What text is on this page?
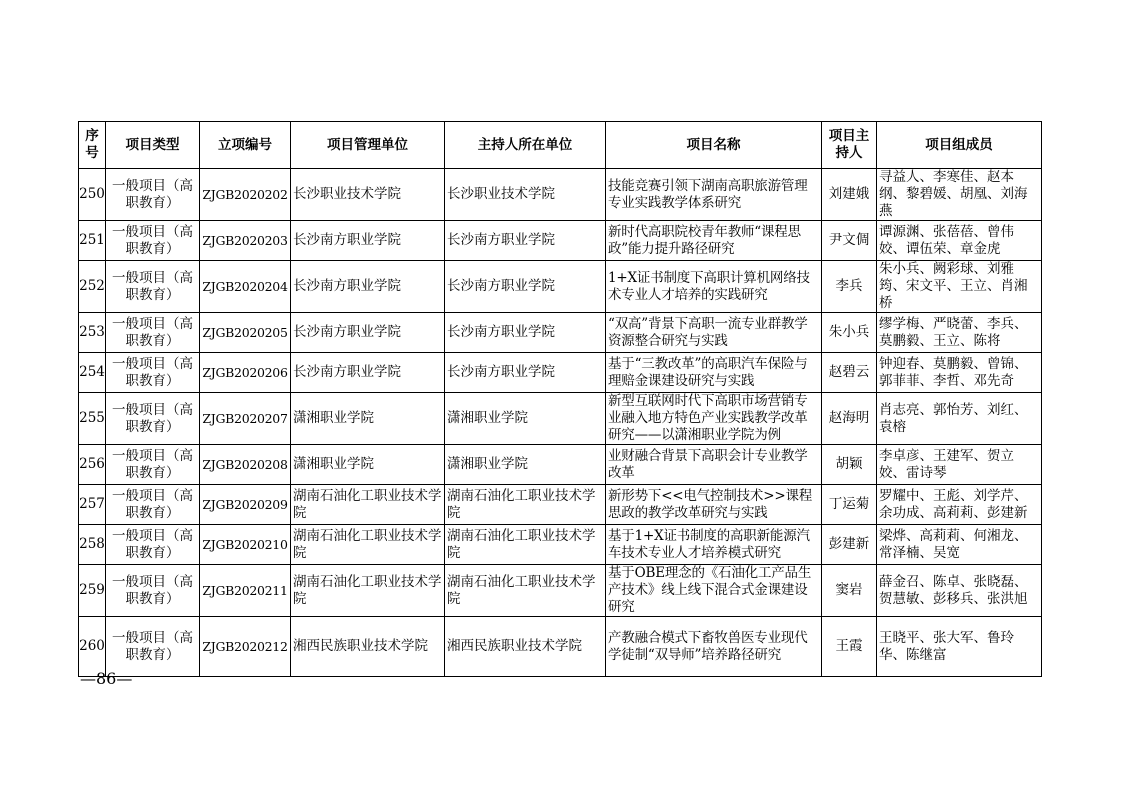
序号	项目类型	立项编号	项目管理单位	主持人所在单位	项目名称	项目主持人	项目组成员
250	一般项目（高职教育）	ZJGB2020202	长沙职业技术学院	长沙职业技术学院	技能竞赛引领下湖南高职旅游管理专业实践教学体系研究	刘建娥	寻益人、李寒佳、赵本纲、黎碧媛、胡凰、刘海燕
251	一般项目（高职教育）	ZJGB2020203	长沙南方职业学院	长沙南方职业学院	新时代高职院校青年教师“课程思政”能力提升路径研究	尹文倜	谭源渊、张蓓蓓、曾伟姣、谭伍荣、章金虎
252	一般项目（高职教育）	ZJGB2020204	长沙南方职业学院	长沙南方职业学院	1+X证书制度下高职计算机网络技术专业人才培养的实践研究	李兵	朱小兵、阙彩球、刘雅筠、宋文平、王立、肖湘桥
253	一般项目（高职教育）	ZJGB2020205	长沙南方职业学院	长沙南方职业学院	“双高”背景下高职一流专业群教学资源整合研究与实践	朱小兵	缪学梅、严晓蕾、李兵、莫鹏毅、王立、陈将
254	一般项目（高职教育）	ZJGB2020206	长沙南方职业学院	长沙南方职业学院	基于“三教改革”的高职汽车保险与理赔金课建设研究与实践	赵碧云	钟迎春、莫鹏毅、曾锦、郭菲菲、李哲、邓先奇
255	一般项目（高职教育）	ZJGB2020207	潇湘职业学院	潇湘职业学院	新型互联网时代下高职市场营销专业融入地方特色产业实践教学改革研究——以潇湘职业学院为例	赵海明	肖志亮、郭怡芳、刘红、袁榕
256	一般项目（高职教育）	ZJGB2020208	潇湘职业学院	潇湘职业学院	业财融合背景下高职会计专业教学改革	胡颖	李卓彦、王建军、贺立姣、雷诗琴
257	一般项目（高职教育）	ZJGB2020209	湖南石油化工职业技术学院	湖南石油化工职业技术学院	新形势下<<电气控制技术>>课程思政的教学改革研究与实践	丁运菊	罗耀中、王彪、刘学芹、余功成、高莉莉、彭建新
258	一般项目（高职教育）	ZJGB2020210	湖南石油化工职业技术学院	湖南石油化工职业技术学院	基于1+X证书制度的高职新能源汽车技术专业人才培养模式研究	彭建新	梁烨、高莉莉、何湘龙、常泽楠、吴宽
259	一般项目（高职教育）	ZJGB2020211	湖南石油化工职业技术学院	湖南石油化工职业技术学院	基于OBE理念的《石油化工产品生产技术》线上线下混合式金课建设研究	窦岩	薛金召、陈卓、张晓磊、贺慧敏、彭移兵、张洪旭
260	一般项目（高职教育）	ZJGB2020212	湘西民族职业技术学院	湘西民族职业技术学院	产教融合模式下畜牧兽医专业现代学徒制“双导师”培养路径研究	王霞	王晓平、张大军、鲁玲华、陈继富
—86—
